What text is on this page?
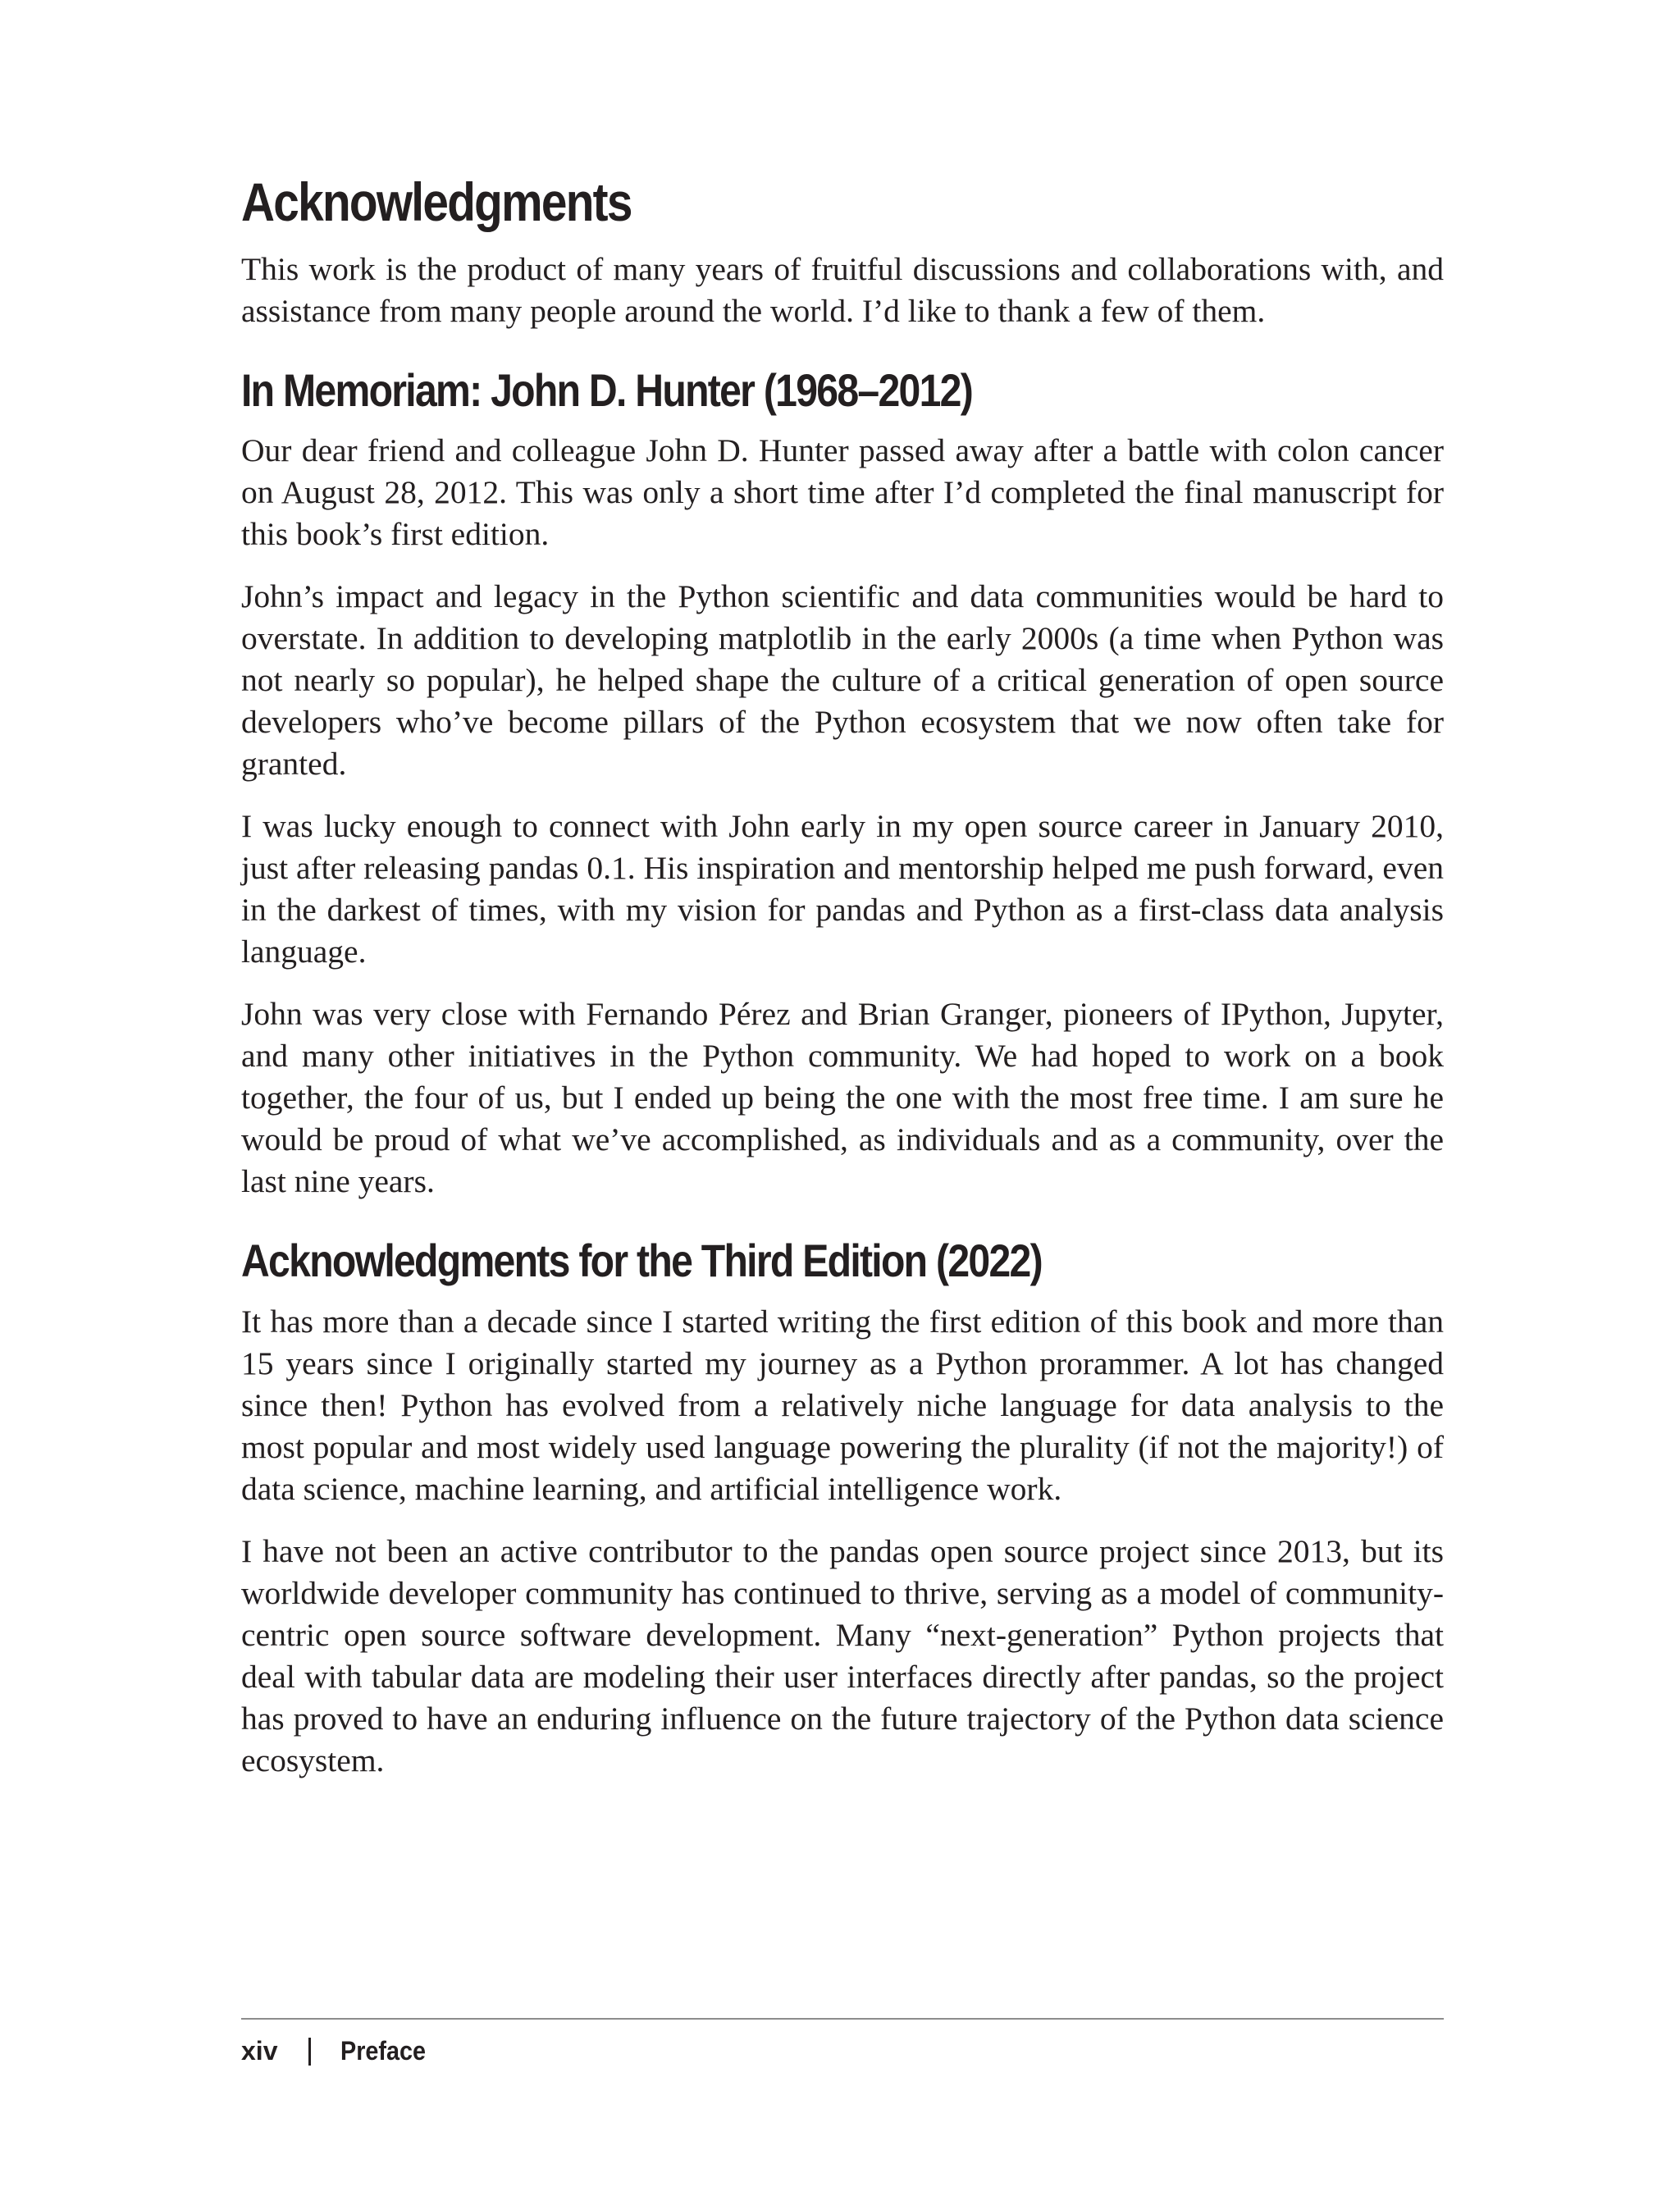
Acknowledgments

This work is the product of many years of fruitful discussions and collaborations with, and assistance from many people around the world. I’d like to thank a few of them.

In Memoriam: John D. Hunter (1968–2012)

Our dear friend and colleague John D. Hunter passed away after a battle with colon cancer on August 28, 2012. This was only a short time after I’d completed the final manuscript for this book’s first edition.

John’s impact and legacy in the Python scientific and data communities would be hard to overstate. In addition to developing matplotlib in the early 2000s (a time when Python was not nearly so popular), he helped shape the culture of a critical generation of open source developers who’ve become pillars of the Python ecosystem that we now often take for granted.

I was lucky enough to connect with John early in my open source career in January 2010, just after releasing pandas 0.1. His inspiration and mentorship helped me push forward, even in the darkest of times, with my vision for pandas and Python as a first-class data analysis language.

John was very close with Fernando Pérez and Brian Granger, pioneers of IPython, Jupyter, and many other initiatives in the Python community. We had hoped to work on a book together, the four of us, but I ended up being the one with the most free time. I am sure he would be proud of what we’ve accomplished, as individuals and as a community, over the last nine years.

Acknowledgments for the Third Edition (2022)

It has more than a decade since I started writing the first edition of this book and more than 15 years since I originally started my journey as a Python prorammer. A lot has changed since then! Python has evolved from a relatively niche language for data analysis to the most popular and most widely used language powering the plurality (if not the majority!) of data science, machine learning, and artificial intelligence work.

I have not been an active contributor to the pandas open source project since 2013, but its worldwide developer community has continued to thrive, serving as a model of community-centric open source software development. Many “next-generation” Python projects that deal with tabular data are modeling their user interfaces directly after pandas, so the project has proved to have an enduring influence on the future trajectory of the Python data science ecosystem.

xiv Preface
